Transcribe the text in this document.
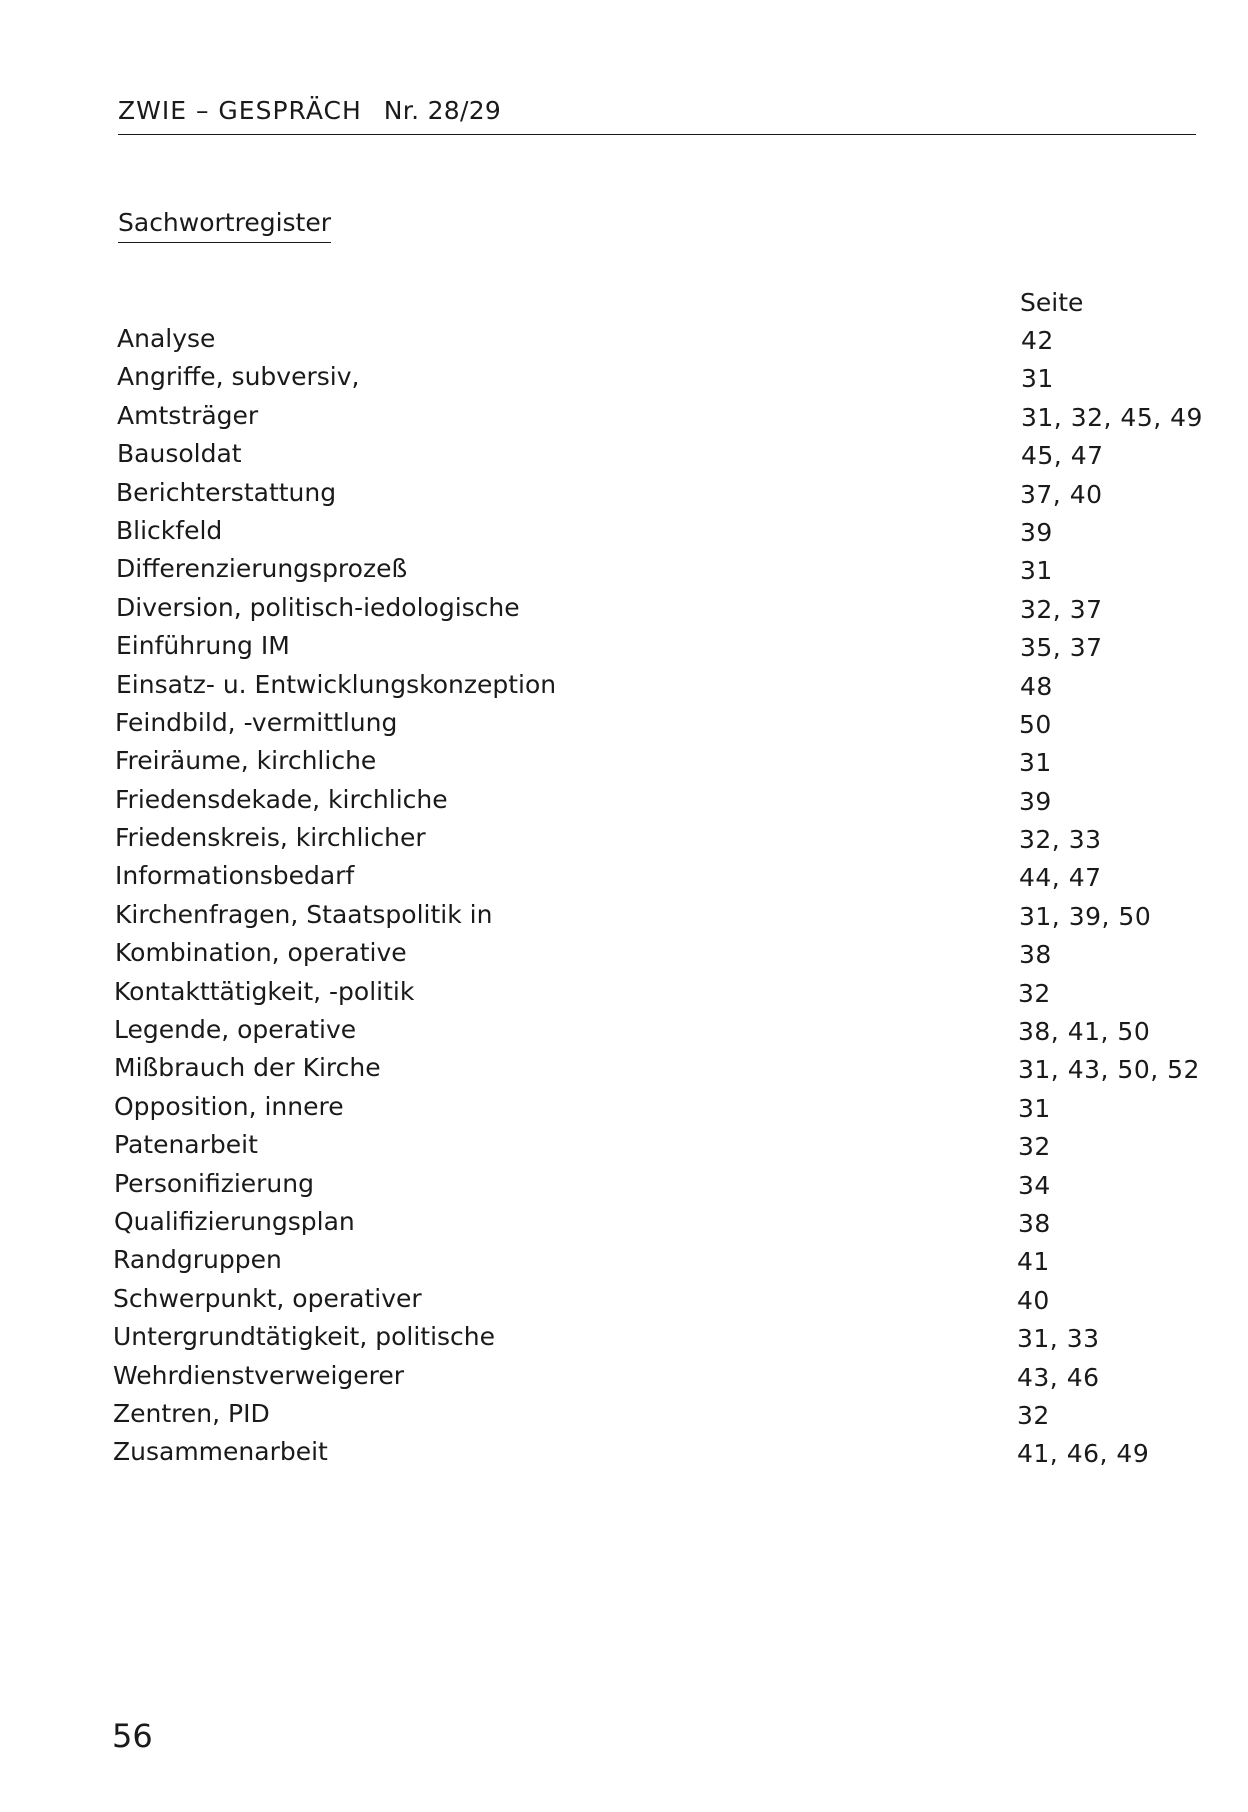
ZWIE – GESPRÄCH Nr. 28/29
Sachwortregister
Seite
Analyse	42
Angriffe, subversiv,	31
Amtsträger	31, 32, 45, 49
Bausoldat	45, 47
Berichterstattung	37, 40
Blickfeld	39
Differenzierungsprozeß	31
Diversion, politisch-iedologische	32, 37
Einführung IM	35, 37
Einsatz- u. Entwicklungskonzeption	48
Feindbild, -vermittlung	50
Freiräume, kirchliche	31
Friedensdekade, kirchliche	39
Friedenskreis, kirchlicher	32, 33
Informationsbedarf	44, 47
Kirchenfragen, Staatspolitik in	31, 39, 50
Kombination, operative	38
Kontakttätigkeit, -politik	32
Legende, operative	38, 41, 50
Mißbrauch der Kirche	31, 43, 50, 52
Opposition, innere	31
Patenarbeit	32
Personifizierung	34
Qualifizierungsplan	38
Randgruppen	41
Schwerpunkt, operativer	40
Untergrundtätigkeit, politische	31, 33
Wehrdienstverweigerer	43, 46
Zentren, PID	32
Zusammenarbeit	41, 46, 49
56
